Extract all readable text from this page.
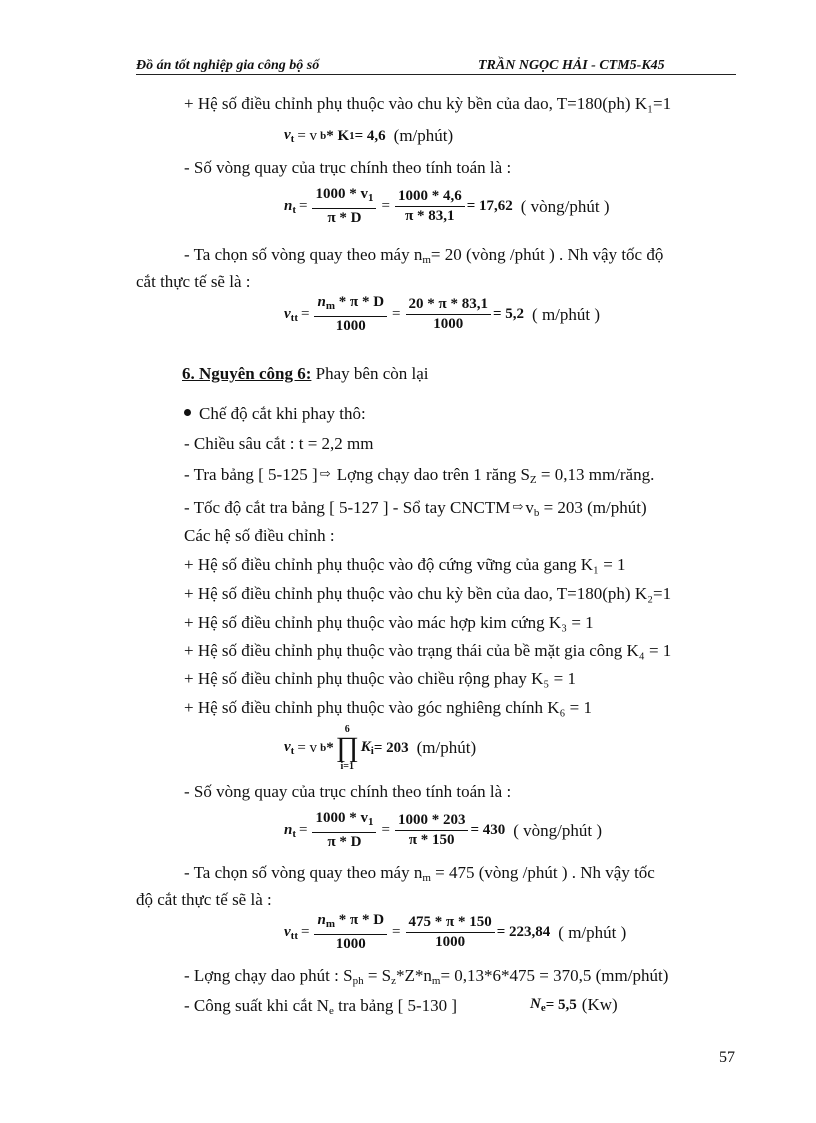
Đồ án tốt nghiệp gia công bộ số	TRẦN NGỌC HẢI - CTM5-K45
+ Hệ số điều chỉnh phụ thuộc vào chu kỳ bền của dao, T=180(ph) K₁=1
$v_t = v$ b * K 1 = 4,6 (m/phút)
- Số vòng quay của trục chính theo tính toán là :
$n_t = \frac{1000 * v_1}{\pi * D} = \frac{1000 * 4,6}{\pi * 83,1} = 17,62$ ( vòng/phút )
- Ta chọn số vòng quay theo máy $n_m= 20$ (vòng /phút ) . Nh vậy tốc độ
cắt thực tế sẽ là :
$v_{tt} = \frac{n_m * \pi * D}{1000} = \frac{20 * \pi * 83,1}{1000} = 5,2$ ( m/phút )
6. Nguyên công 6: Phay bên còn lại
Chế độ cắt khi phay thô:
- Chiều sâu cắt : t = 2,2 mm
- Tra bảng [ 5-125 ] ⇨ Lợng chạy dao trên 1 răng $S_Z = 0,13$ mm/răng.
- Tốc độ cắt tra bảng [ 5-127 ] - Sổ tay CNCTM ⇨ $v_b = 203$ (m/phút)
Các hệ số điều chỉnh :
+ Hệ số điều chỉnh phụ thuộc vào độ cứng vững của gang K₁ = 1
+ Hệ số điều chỉnh phụ thuộc vào chu kỳ bền của dao, T=180(ph) K₂=1
+ Hệ số điều chỉnh phụ thuộc vào mác hợp kim cứng K₃ = 1
+ Hệ số điều chỉnh phụ thuộc vào trạng thái của bề mặt gia công K₄ = 1
+ Hệ số điều chỉnh phụ thuộc vào chiều rộng phay K₅ = 1
+ Hệ số điều chỉnh phụ thuộc vào góc nghiêng chính K₆ = 1
$v_t = v$ b *
6
∏
i=1
$K_i = 203$ (m/phút)
- Số vòng quay của trục chính theo tính toán là :
$n_t = \frac{1000 * v_1}{\pi * D} = \frac{1000 * 203}{\pi * 150} = 430$ ( vòng/phút )
- Ta chọn số vòng quay theo máy $n_m = 475$ (vòng /phút ) . Nh vậy tốc
độ cắt thực tế sẽ là :
$v_{tt} = \frac{n_m * \pi * D}{1000} = \frac{475 * \pi * 150}{1000} = 223,84$ ( m/phút )
- Lợng chạy dao phút : $S_{ph} = S_z*Z*n_m= 0,13*6*475 = 370,5$ (mm/phút)
- Công suất khi cắt $N_e$ tra bảng [ 5-130 ]	$N_e = 5,5$ (Kw)
57
